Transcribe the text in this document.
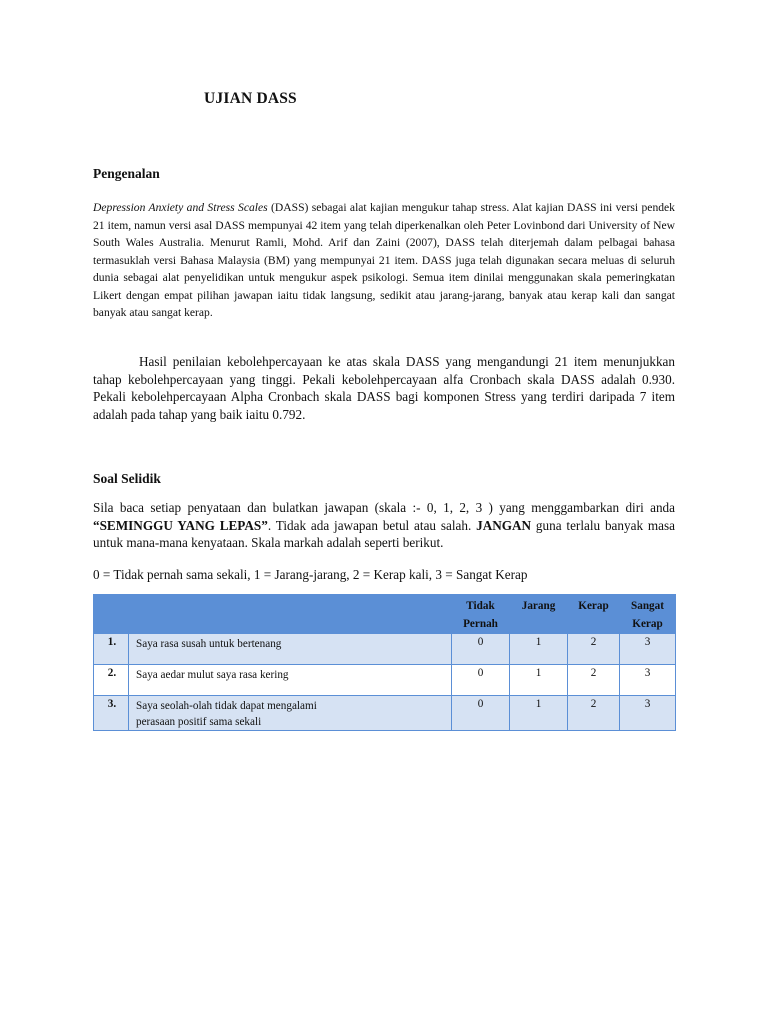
UJIAN DASS
Pengenalan
Depression Anxiety and Stress Scales (DASS) sebagai alat kajian mengukur tahap stress. Alat kajian DASS ini versi pendek 21 item, namun versi asal DASS mempunyai 42 item yang telah diperkenalkan oleh Peter Lovinbond dari University of New South Wales Australia. Menurut Ramli, Mohd. Arif dan Zaini (2007), DASS telah diterjemah dalam pelbagai bahasa termasuklah versi Bahasa Malaysia (BM) yang mempunyai 21 item. DASS juga telah digunakan secara meluas di seluruh dunia sebagai alat penyelidikan untuk mengukur aspek psikologi. Semua item dinilai menggunakan skala pemeringkatan Likert dengan empat pilihan jawapan iaitu tidak langsung, sedikit atau jarang-jarang, banyak atau kerap kali dan sangat banyak atau sangat kerap.
Hasil penilaian kebolehpercayaan ke atas skala DASS yang mengandungi 21 item menunjukkan tahap kebolehpercayaan yang tinggi. Pekali kebolehpercayaan alfa Cronbach skala DASS adalah 0.930. Pekali kebolehpercayaan Alpha Cronbach skala DASS bagi komponen Stress yang terdiri daripada 7 item adalah pada tahap yang baik iaitu 0.792.
Soal Selidik
Sila baca setiap penyataan dan bulatkan jawapan (skala :- 0, 1, 2, 3 ) yang menggambarkan diri anda “SEMINGGU YANG LEPAS”. Tidak ada jawapan betul atau salah. JANGAN guna terlalu banyak masa untuk mana-mana kenyataan. Skala markah adalah seperti berikut.
0 = Tidak pernah sama sekali, 1 = Jarang-jarang, 2 = Kerap kali, 3 = Sangat Kerap
		Tidak Pernah	Jarang	Kerap	Sangat Kerap
1.	Saya rasa susah untuk bertenang	0	1	2	3
2.	Saya aedar mulut saya rasa kering	0	1	2	3
3.	Saya seolah-olah tidak dapat mengalami perasaan positif sama sekali	0	1	2	3
